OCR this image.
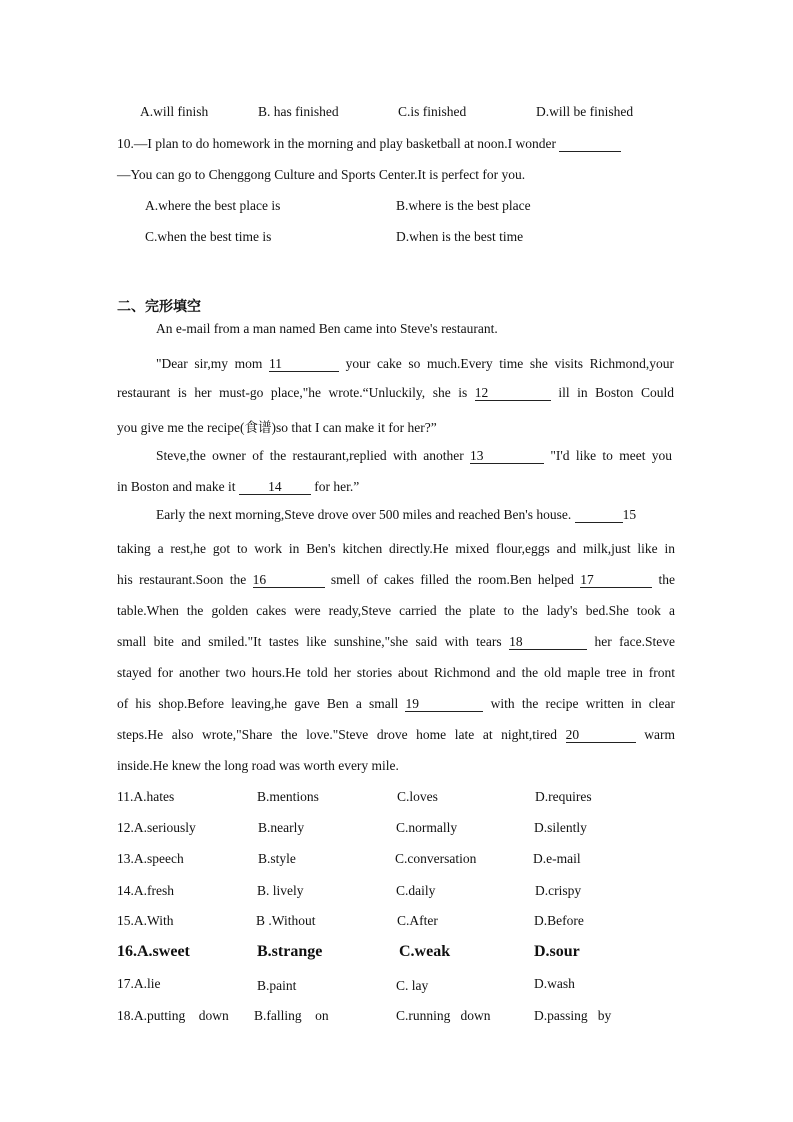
A.will finish	B. has finished	C.is finished	D.will be finished
10.—I plan to do homework in the morning and play basketball at noon.I wonder
—You can go to Chenggong Culture and Sports Center.It is perfect for you.
A.where the best place is	B.where is the best place
C.when the best time is	D.when is the best time
二、完形填空
An e-mail from a man named Ben came into Steve's restaurant.
"Dear sir,my mom 11	your cake so much.Every time she visits Richmond,your
restaurant is her must-go place,"he wrote.“Unluckily, she is 12	ill in Boston Could
you give me the recipe(食谱)so that I can make it for her?”
Steve,the owner of the restaurant,replied with another 13	"I'd like to meet you
in Boston and make it 14 for her.”
Early the next morning,Steve drove over 500 miles and reached Ben's house.	15
taking a rest,he got to work in Ben's kitchen directly.He mixed flour,eggs and milk,just like in
his restaurant.Soon the 16	smell of cakes filled the room.Ben helped 17	the
table.When the golden cakes were ready,Steve carried the plate to the lady's bed.She took a
small bite and smiled."It tastes like sunshine,"she said with tears 18	her face.Steve
stayed for another two hours.He told her stories about Richmond and the old maple tree in front
of his shop.Before leaving,he gave Ben a small 19	with the recipe written in clear
steps.He also wrote,"Share the love."Steve drove home late at night,tired 20	warm
inside.He knew the long road was worth every mile.
11.A.hates	B.mentions	C.loves	D.requires
12.A.seriously	B.nearly	C.normally	D.silently
13.A.speech	B.style	C.conversation	D.e-mail
14.A.fresh	B. lively	C.daily	D.crispy
15.A.With	B .Without	C.After	D.Before
16.A.sweet	B.strange	C.weak	D.sour
17.A.lie	B.paint	C. lay	D.wash
18.A.putting    down B.falling    on	C.running   down	D.passing   by
